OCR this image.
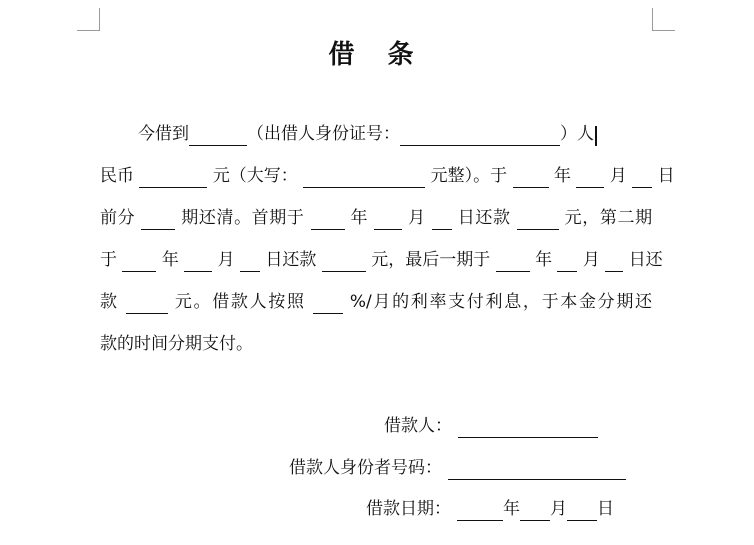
借 条
今借到	（出借人身份证号：	）人
民币	元（大写：	元整）。于	年 月 日
前分	期还清。首期于	年 月 日还款	元，第二期
于	年 月 日还款	元，最后一期于	年 月 日还
款	元。借款人按照	%/月的利率支付利息，于本金分期还
款的时间分期支付。
借款人：
借款人身份者号码：
借款日期：	年 月 日
